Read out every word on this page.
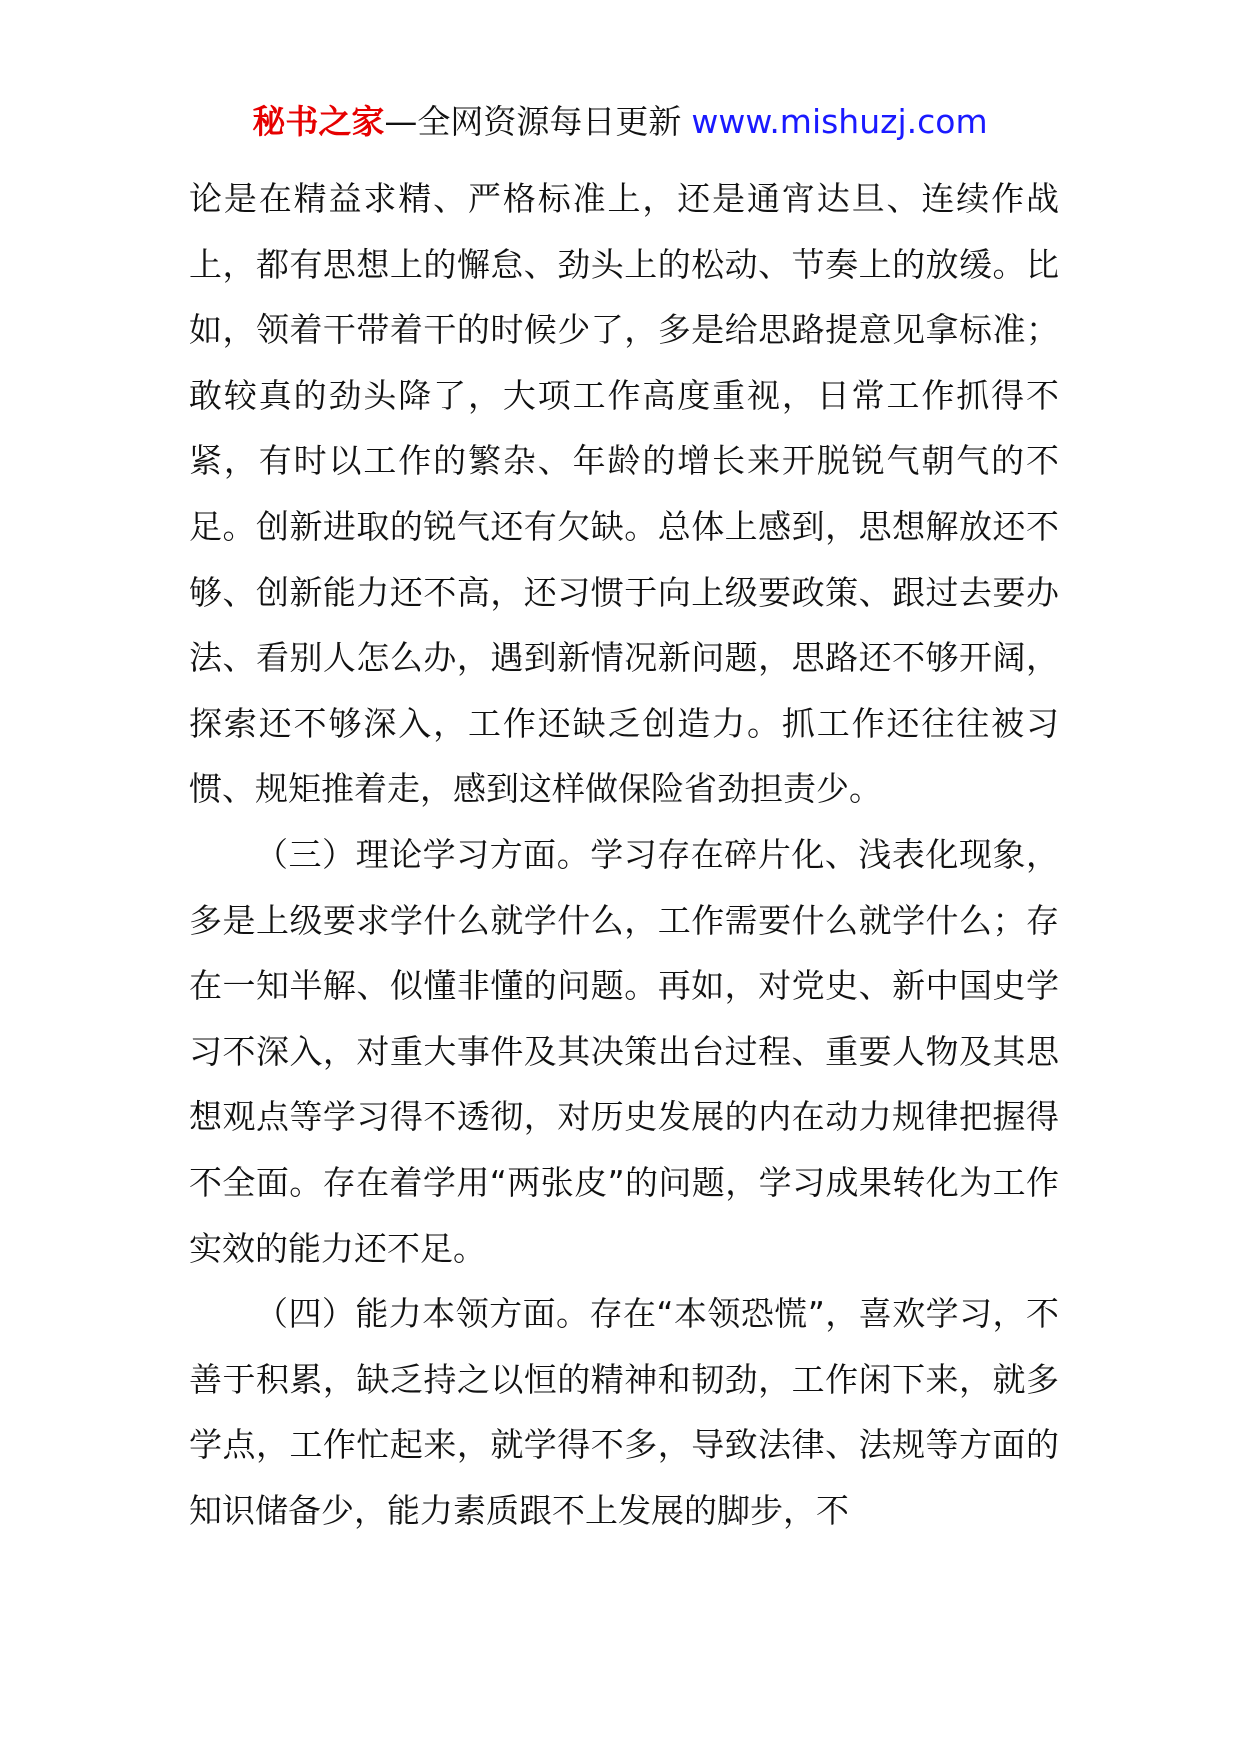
秘书之家—全网资源每日更新 www.mishuzj.com

论是在精益求精、严格标准上，还是通宵达旦、连续作战上，都有思想上的懈怠、劲头上的松动、节奏上的放缓。比如，领着干带着干的时候少了，多是给思路提意见拿标准；敢较真的劲头降了，大项工作高度重视，日常工作抓得不紧，有时以工作的繁杂、年龄的增长来开脱锐气朝气的不足。创新进取的锐气还有欠缺。总体上感到，思想解放还不够、创新能力还不高，还习惯于向上级要政策、跟过去要办法、看别人怎么办，遇到新情况新问题，思路还不够开阔，探索还不够深入，工作还缺乏创造力。抓工作还往往被习惯、规矩推着走，感到这样做保险省劲担责少。

（三）理论学习方面。学习存在碎片化、浅表化现象，多是上级要求学什么就学什么，工作需要什么就学什么；存在一知半解、似懂非懂的问题。再如，对党史、新中国史学习不深入，对重大事件及其决策出台过程、重要人物及其思想观点等学习得不透彻，对历史发展的内在动力规律把握得不全面。存在着学用“两张皮”的问题，学习成果转化为工作实效的能力还不足。

（四）能力本领方面。存在“本领恐慌”，喜欢学习，不善于积累，缺乏持之以恒的精神和韧劲，工作闲下来，就多学点，工作忙起来，就学得不多，导致法律、法规等方面的知识储备少，能力素质跟不上发展的脚步，不
